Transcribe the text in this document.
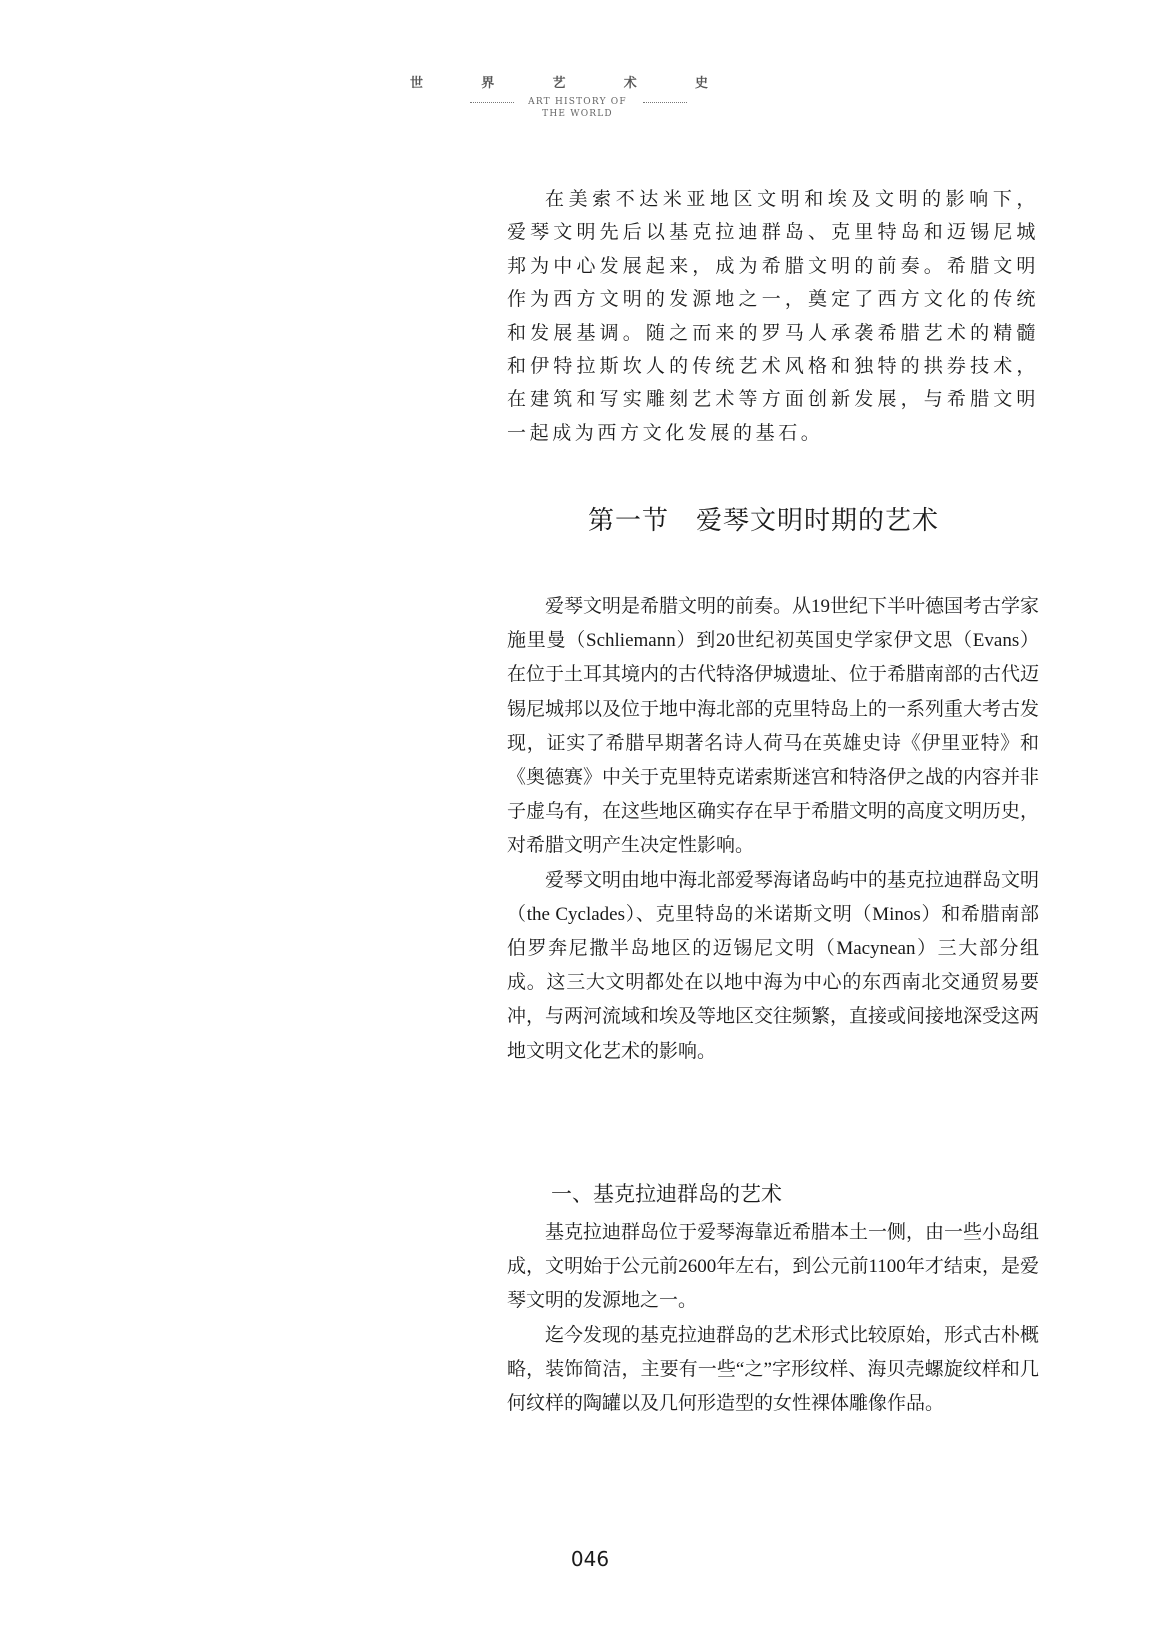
世	界	艺	术	史
ART HISTORY OF
THE WORLD
在美索不达米亚地区文明和埃及文明的影响下，爱琴文明先后以基克拉迪群岛、克里特岛和迈锡尼城邦为中心发展起来，成为希腊文明的前奏。希腊文明作为西方文明的发源地之一，奠定了西方文化的传统和发展基调。随之而来的罗马人承袭希腊艺术的精髓和伊特拉斯坎人的传统艺术风格和独特的拱券技术，在建筑和写实雕刻艺术等方面创新发展，与希腊文明一起成为西方文化发展的基石。
第一节　爱琴文明时期的艺术

爱琴文明是希腊文明的前奏。从19世纪下半叶德国考古学家施里曼（Schliemann）到20世纪初英国史学家伊文思（Evans）在位于土耳其境内的古代特洛伊城遗址、位于希腊南部的古代迈锡尼城邦以及位于地中海北部的克里特岛上的一系列重大考古发现，证实了希腊早期著名诗人荷马在英雄史诗《伊里亚特》和《奥德赛》中关于克里特克诺索斯迷宫和特洛伊之战的内容并非子虚乌有，在这些地区确实存在早于希腊文明的高度文明历史，对希腊文明产生决定性影响。

爱琴文明由地中海北部爱琴海诸岛屿中的基克拉迪群岛文明（the Cyclades）、克里特岛的米诺斯文明（Minos）和希腊南部伯罗奔尼撒半岛地区的迈锡尼文明（Macynean）三大部分组成。这三大文明都处在以地中海为中心的东西南北交通贸易要冲，与两河流域和埃及等地区交往频繁，直接或间接地深受这两地文明文化艺术的影响。

一、基克拉迪群岛的艺术

基克拉迪群岛位于爱琴海靠近希腊本土一侧，由一些小岛组成，文明始于公元前2600年左右，到公元前1100年才结束，是爱琴文明的发源地之一。

迄今发现的基克拉迪群岛的艺术形式比较原始，形式古朴概略，装饰简洁，主要有一些“之”字形纹样、海贝壳螺旋纹样和几何纹样的陶罐以及几何形造型的女性裸体雕像作品。

046
